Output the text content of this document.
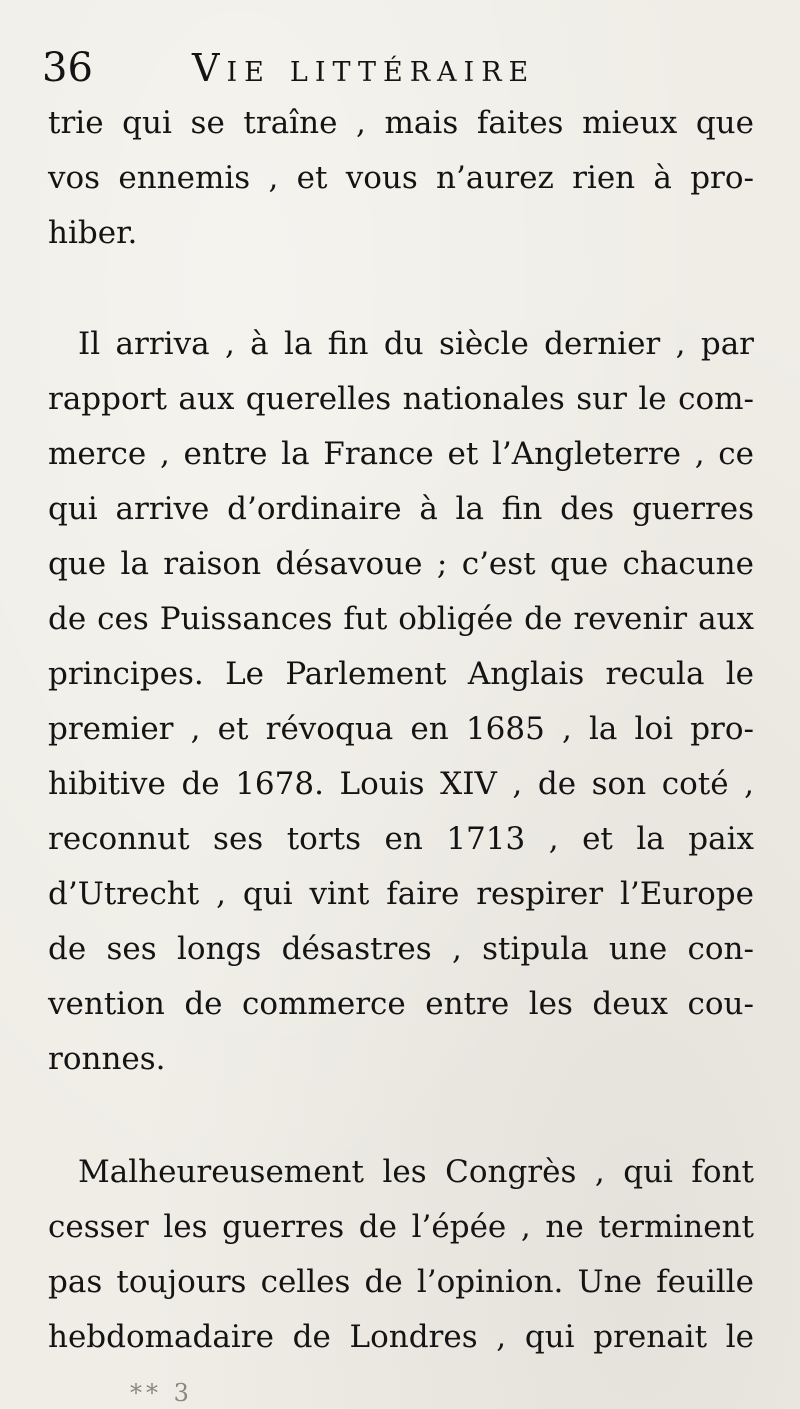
36	Vie littéraire
trie qui se traîne , mais faites mieux que
vos ennemis , et vous n’aurez rien à pro-
hiber.
Il arriva , à la fin du siècle dernier , par
rapport aux querelles nationales sur le com-
merce , entre la France et l’Angleterre , ce
qui arrive d’ordinaire à la fin des guerres
que la raison désavoue ; c’est que chacune
de ces Puissances fut obligée de revenir aux
principes. Le Parlement Anglais recula le
premier , et révoqua en 1685 , la loi pro-
hibitive de 1678. Louis XIV , de son coté ,
reconnut ses torts en 1713 , et la paix
d’Utrecht , qui vint faire respirer l’Europe
de ses longs désastres , stipula une con-
vention de commerce entre les deux cou-
ronnes.
Malheureusement les Congrès , qui font
cesser les guerres de l’épée , ne terminent
pas toujours celles de l’opinion. Une feuille
hebdomadaire de Londres , qui prenait le
** 3
